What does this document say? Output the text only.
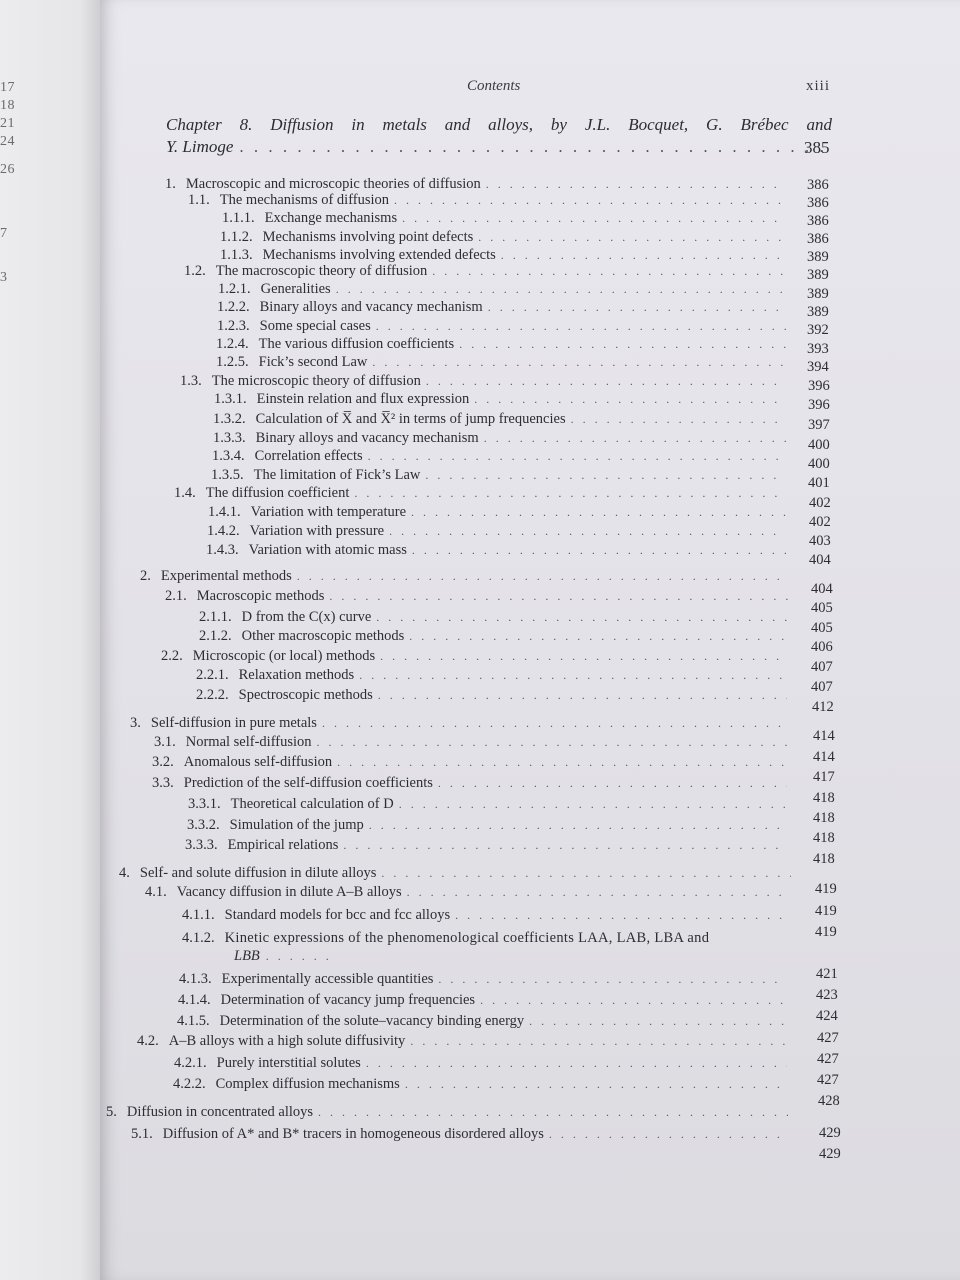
17
18
21
24
26
7
3
Contents	xiii
Chapter 8. Diffusion in metals and alloys, by J.L. Bocquet, G. Brébec and
Y. Limoge
. . .	385
1. Macroscopic and microscopic theories of diffusion
. . .
1.1. The mechanisms of diffusion
. . .
1.1.1. Exchange mechanisms
. . .
1.1.2. Mechanisms involving point defects
. . .
1.1.3. Mechanisms involving extended defects
. . .
1.2. The macroscopic theory of diffusion
. . .
1.2.1. Generalities
. . .
1.2.2. Binary alloys and vacancy mechanism
. . .
1.2.3. Some special cases
. . .
1.2.4. The various diffusion coefficients
. . .
1.2.5. Fick’s second Law
. . .
1.3. The microscopic theory of diffusion
. . .
1.3.1. Einstein relation and flux expression
. . .
1.3.2. Calculation of X̅ and X̅² in terms of jump frequencies
. . .
1.3.3. Binary alloys and vacancy mechanism
. . .
1.3.4. Correlation effects
. . .
1.3.5. The limitation of Fick’s Law
. . .
1.4. The diffusion coefficient
. . .
1.4.1. Variation with temperature
. . .
1.4.2. Variation with pressure
. . .
1.4.3. Variation with atomic mass
. . .
2. Experimental methods
. . .
2.1. Macroscopic methods
. . .
2.1.1. D from the C(x) curve
. . .
2.1.2. Other macroscopic methods
. . .
2.2. Microscopic (or local) methods
. . .
2.2.1. Relaxation methods
. . .
2.2.2. Spectroscopic methods
. . .
3. Self-diffusion in pure metals
. . .
3.1. Normal self-diffusion
. . .
3.2. Anomalous self-diffusion
. . .
3.3. Prediction of the self-diffusion coefficients
. . .
3.3.1. Theoretical calculation of D
. . .
3.3.2. Simulation of the jump
. . .
3.3.3. Empirical relations
. . .
4. Self- and solute diffusion in dilute alloys
. . .
4.1. Vacancy diffusion in dilute A–B alloys
. . .
4.1.1. Standard models for bcc and fcc alloys
. . .
4.1.2. Kinetic expressions of the phenomenological coefficients LAA, LAB, LBA and
LBB
. . .
4.1.3. Experimentally accessible quantities
. . .
4.1.4. Determination of vacancy jump frequencies
. . .
4.1.5. Determination of the solute–vacancy binding energy
. . .
4.2. A–B alloys with a high solute diffusivity
. . .
4.2.1. Purely interstitial solutes
. . .
4.2.2. Complex diffusion mechanisms
. . .
5. Diffusion in concentrated alloys
. . .
5.1. Diffusion of A* and B* tracers in homogeneous disordered alloys
. . .
386
386
386
386
389
389
389
389
392
393
394
396
396
397
400
400
401
402
402
403
404
404
405
405
406
407
407
412
414
414
417
418
418
418
418
419
419
419
421
423
424
427
427
427
428
429
429
